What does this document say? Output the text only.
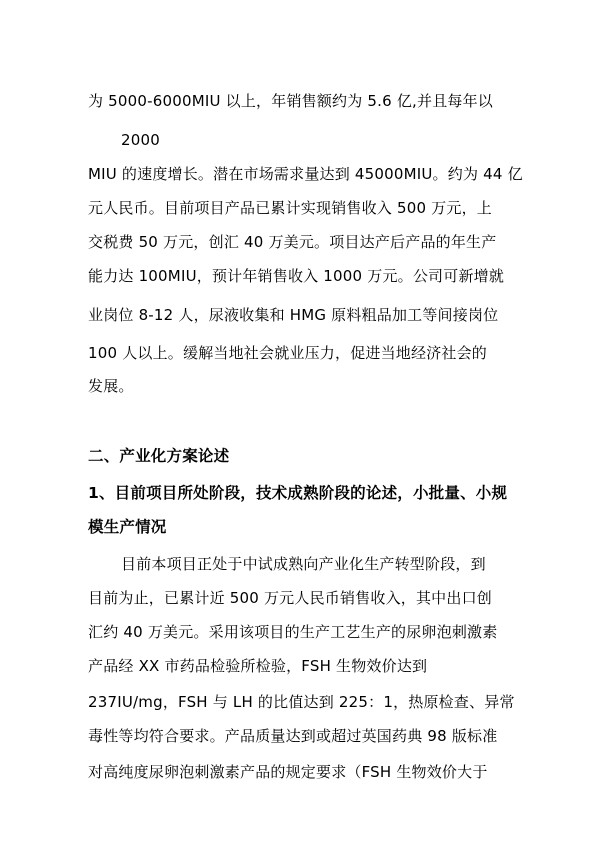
为 5000-6000MIU 以上，年销售额约为 5.6 亿,并且每年以
2000
MIU 的速度增长。潜在市场需求量达到 45000MIU。约为 44 亿
元人民币。目前项目产品已累计实现销售收入 500 万元，上
交税费 50 万元，创汇 40 万美元。项目达产后产品的年生产
能力达 100MIU，预计年销售收入 1000 万元。公司可新增就
业岗位 8-12 人，尿液收集和 HMG 原料粗品加工等间接岗位
100 人以上。缓解当地社会就业压力，促进当地经济社会的
发展。
二、产业化方案论述
1、目前项目所处阶段，技术成熟阶段的论述，小批量、小规
模生产情况
目前本项目正处于中试成熟向产业化生产转型阶段，到
目前为止，已累计近 500 万元人民币销售收入，其中出口创
汇约 40 万美元。采用该项目的生产工艺生产的尿卵泡刺激素
产品经 XX 市药品检验所检验，FSH 生物效价达到
237IU/mg，FSH 与 LH 的比值达到 225：1，热原检查、异常
毒性等均符合要求。产品质量达到或超过英国药典 98 版标准
对高纯度尿卵泡刺激素产品的规定要求（FSH 生物效价大于
